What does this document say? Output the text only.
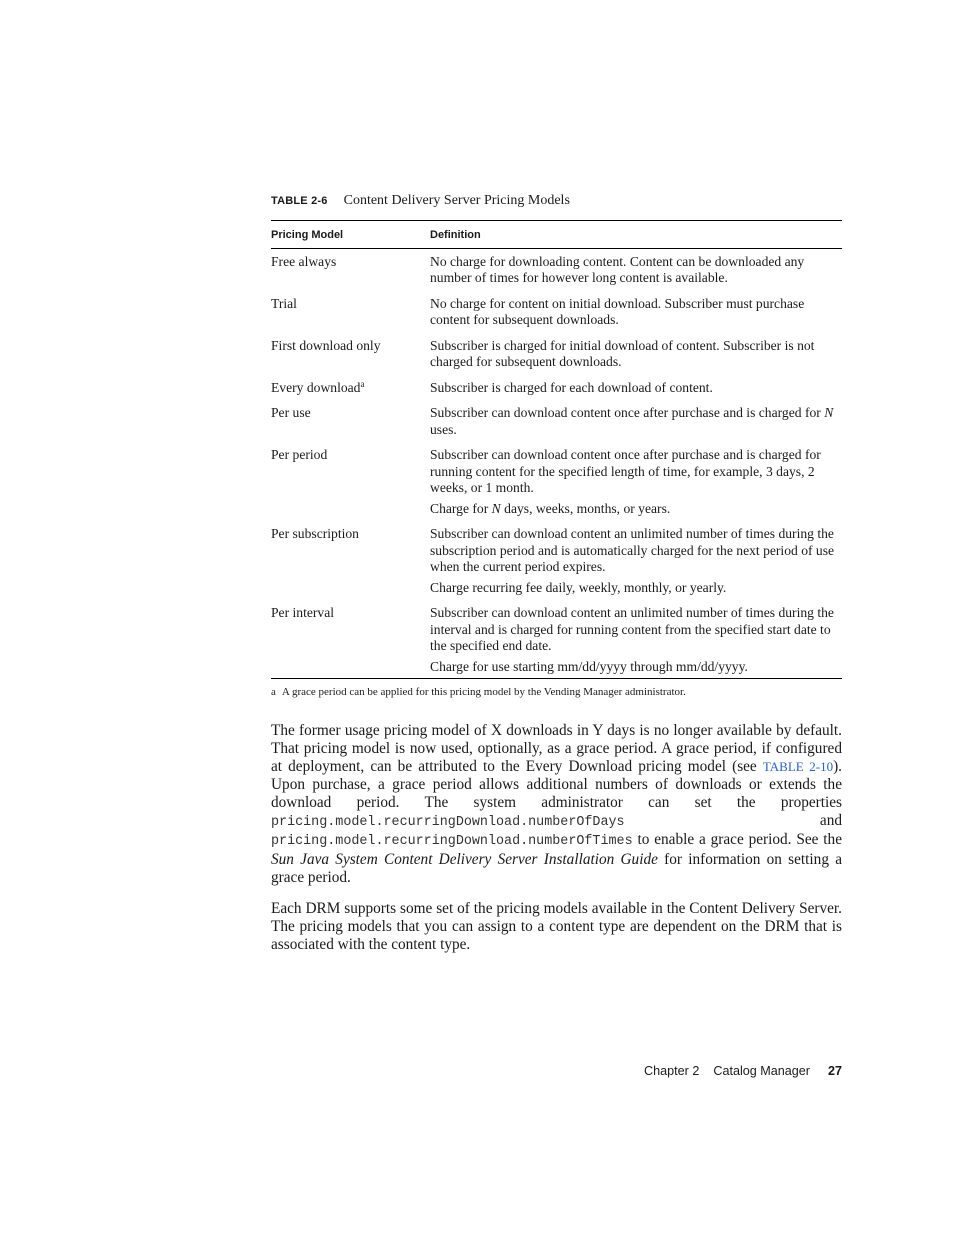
TABLE 2-6 Content Delivery Server Pricing Models
Pricing Model	Definition
Free always	No charge for downloading content. Content can be downloaded any number of times for however long content is available.

Trial	No charge for content on initial download. Subscriber must purchase content for subsequent downloads.

First download only	Subscriber is charged for initial download of content. Subscriber is not charged for subsequent downloads.

Every download$^a$	Subscriber is charged for each download of content.

Per use	Subscriber can download content once after purchase and is charged for N uses.

Per period	Subscriber can download content once after purchase and is charged for running content for the specified length of time, for example, 3 days, 2 weeks, or 1 month.

Charge for N days, weeks, months, or years.

Per subscription	Subscriber can download content an unlimited number of times during the subscription period and is automatically charged for the next period of use when the current period expires.

Charge recurring fee daily, weekly, monthly, or yearly.

Per interval	Subscriber can download content an unlimited number of times during the interval and is charged for running content from the specified start date to the specified end date.

Charge for use starting mm/dd/yyyy through mm/dd/yyyy.

a A grace period can be applied for this pricing model by the Vending Manager administrator.

The former usage pricing model of X downloads in Y days is no longer available by default. That pricing model is now used, optionally, as a grace period. A grace period, if configured at deployment, can be attributed to the Every Download pricing model (see TABLE 2-10). Upon purchase, a grace period allows additional numbers of downloads or extends the download period. The system administrator can set the properties pricing.model.recurringDownload.numberOfDays and pricing.model.recurringDownload.numberOfTimes to enable a grace period. See the Sun Java System Content Delivery Server Installation Guide for information on setting a grace period.

Each DRM supports some set of the pricing models available in the Content Delivery Server. The pricing models that you can assign to a content type are dependent on the DRM that is associated with the content type.

Chapter 2 Catalog Manager 27
